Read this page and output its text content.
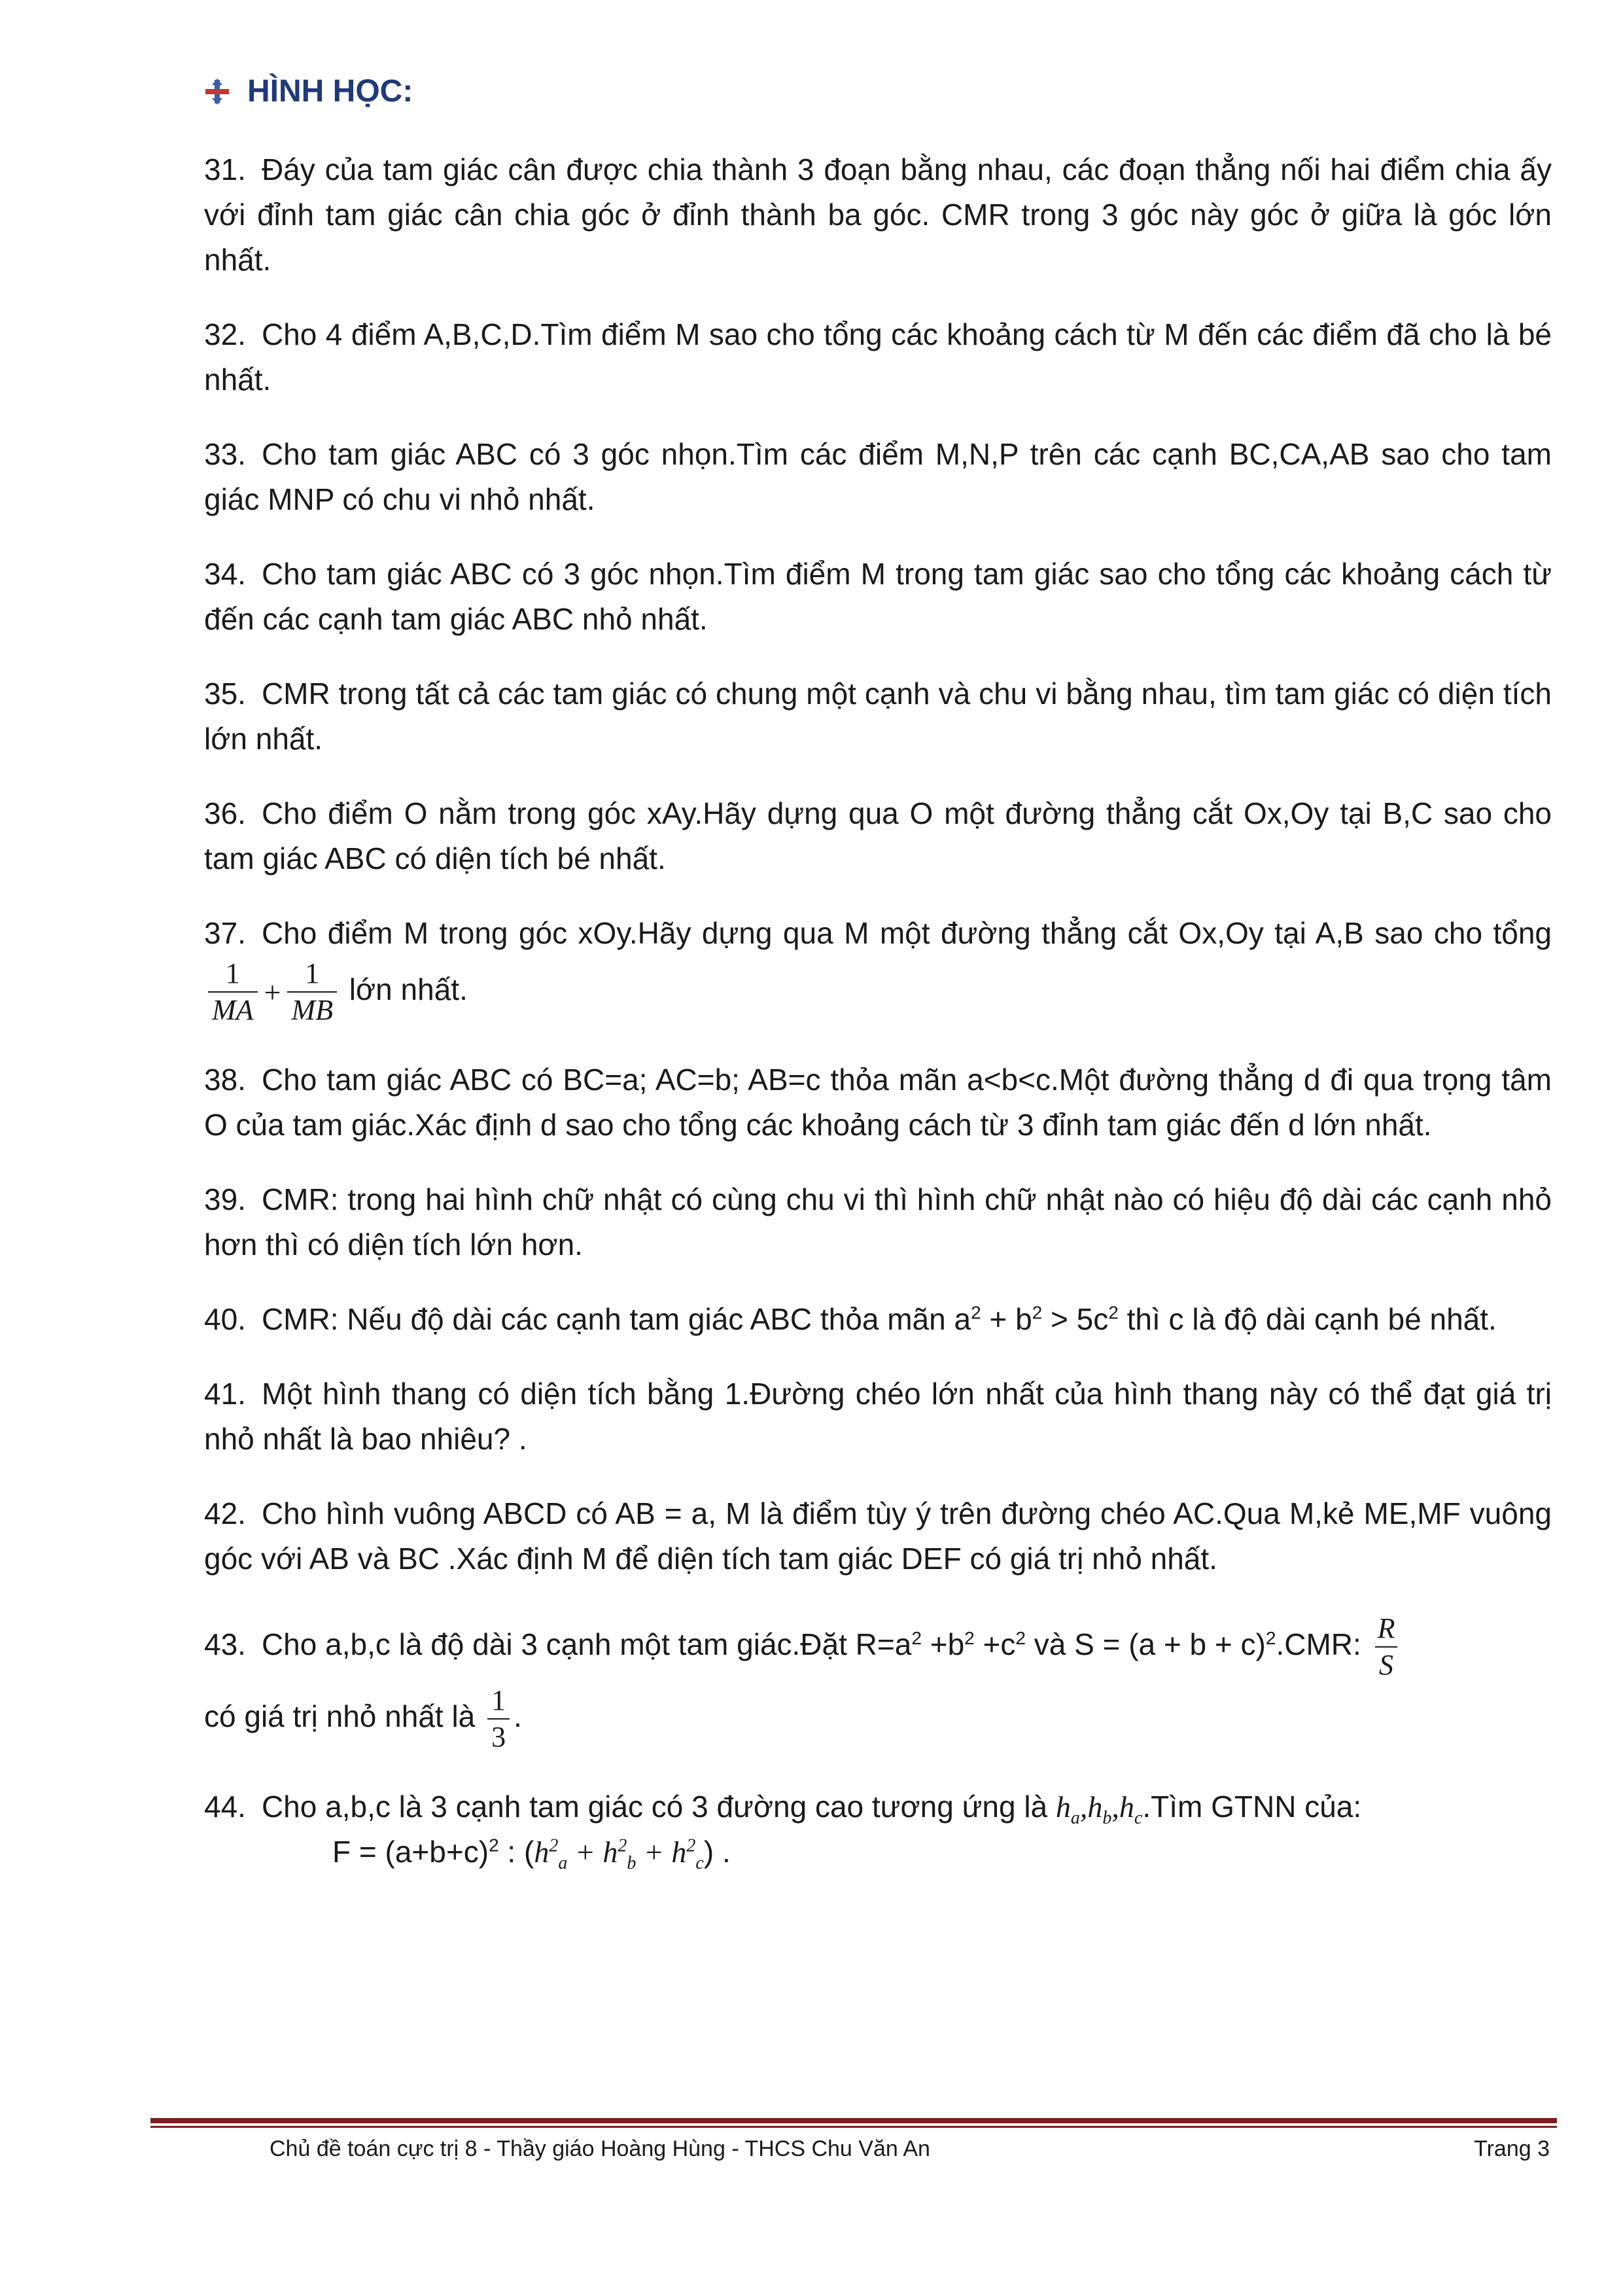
HÌNH HỌC:

31. Đáy của tam giác cân được chia thành 3 đoạn bằng nhau, các đoạn thẳng nối hai điểm chia ấy với đỉnh tam giác cân chia góc ở đỉnh thành ba góc. CMR trong 3 góc này góc ở giữa là góc lớn nhất.

32. Cho 4 điểm A,B,C,D.Tìm điểm M sao cho tổng các khoảng cách từ M đến các điểm đã cho là bé nhất.

33. Cho tam giác ABC có 3 góc nhọn.Tìm các điểm M,N,P trên các cạnh BC,CA,AB sao cho tam giác MNP có chu vi nhỏ nhất.

34. Cho tam giác ABC có 3 góc nhọn.Tìm điểm M trong tam giác sao cho tổng các khoảng cách từ đến các cạnh tam giác ABC nhỏ nhất.

35. CMR trong tất cả các tam giác có chung một cạnh và chu vi bằng nhau, tìm tam giác có diện tích lớn nhất.

36. Cho điểm O nằm trong góc xAy.Hãy dựng qua O một đường thẳng cắt Ox,Oy tại B,C sao cho tam giác ABC có diện tích bé nhất.

37. Cho điểm M trong góc xOy.Hãy dựng qua M một đường thẳng cắt Ox,Oy tại A,B sao cho tổng
$\frac{1}{MA} + \frac{1}{MB}$ lớn nhất.

38. Cho tam giác ABC có BC=a; AC=b; AB=c thỏa mãn a<b<c.Một đường thẳng d đi qua trọng tâm O của tam giác.Xác định d sao cho tổng các khoảng cách từ 3 đỉnh tam giác đến d lớn nhất.

39. CMR: trong hai hình chữ nhật có cùng chu vi thì hình chữ nhật nào có hiệu độ dài các cạnh nhỏ hơn thì có diện tích lớn hơn.

40. CMR: Nếu độ dài các cạnh tam giác ABC thỏa mãn $a^2 + b^2 > 5c^2$ thì c là độ dài cạnh bé nhất.

41. Một hình thang có diện tích bằng 1.Đường chéo lớn nhất của hình thang này có thể đạt giá trị nhỏ nhất là bao nhiêu? .

42. Cho hình vuông ABCD có AB = a, M là điểm tùy ý trên đường chéo AC.Qua M,kẻ ME,MF vuông góc với AB và BC .Xác định M để diện tích tam giác DEF có giá trị nhỏ nhất.

43. Cho a,b,c là độ dài 3 cạnh một tam giác.Đặt $R=a^2 +b^2 +c^2$ và $S = (a + b + c)^2.CMR$: $\frac{R}{S}$

có giá trị nhỏ nhất là $\frac{1}{3}$ .

44. Cho a,b,c là 3 cạnh tam giác có 3 đường cao tương ứng là $h_a,h_b,h_c.Tìm$ GTNN của:
$F = (a+b+c)^2$ : $(h^2_a + h^2_b + h^2_c)$ .

Chủ đề toán cực trị 8 - Thầy giáo Hoàng Hùng - THCS Chu Văn An	Trang 3
